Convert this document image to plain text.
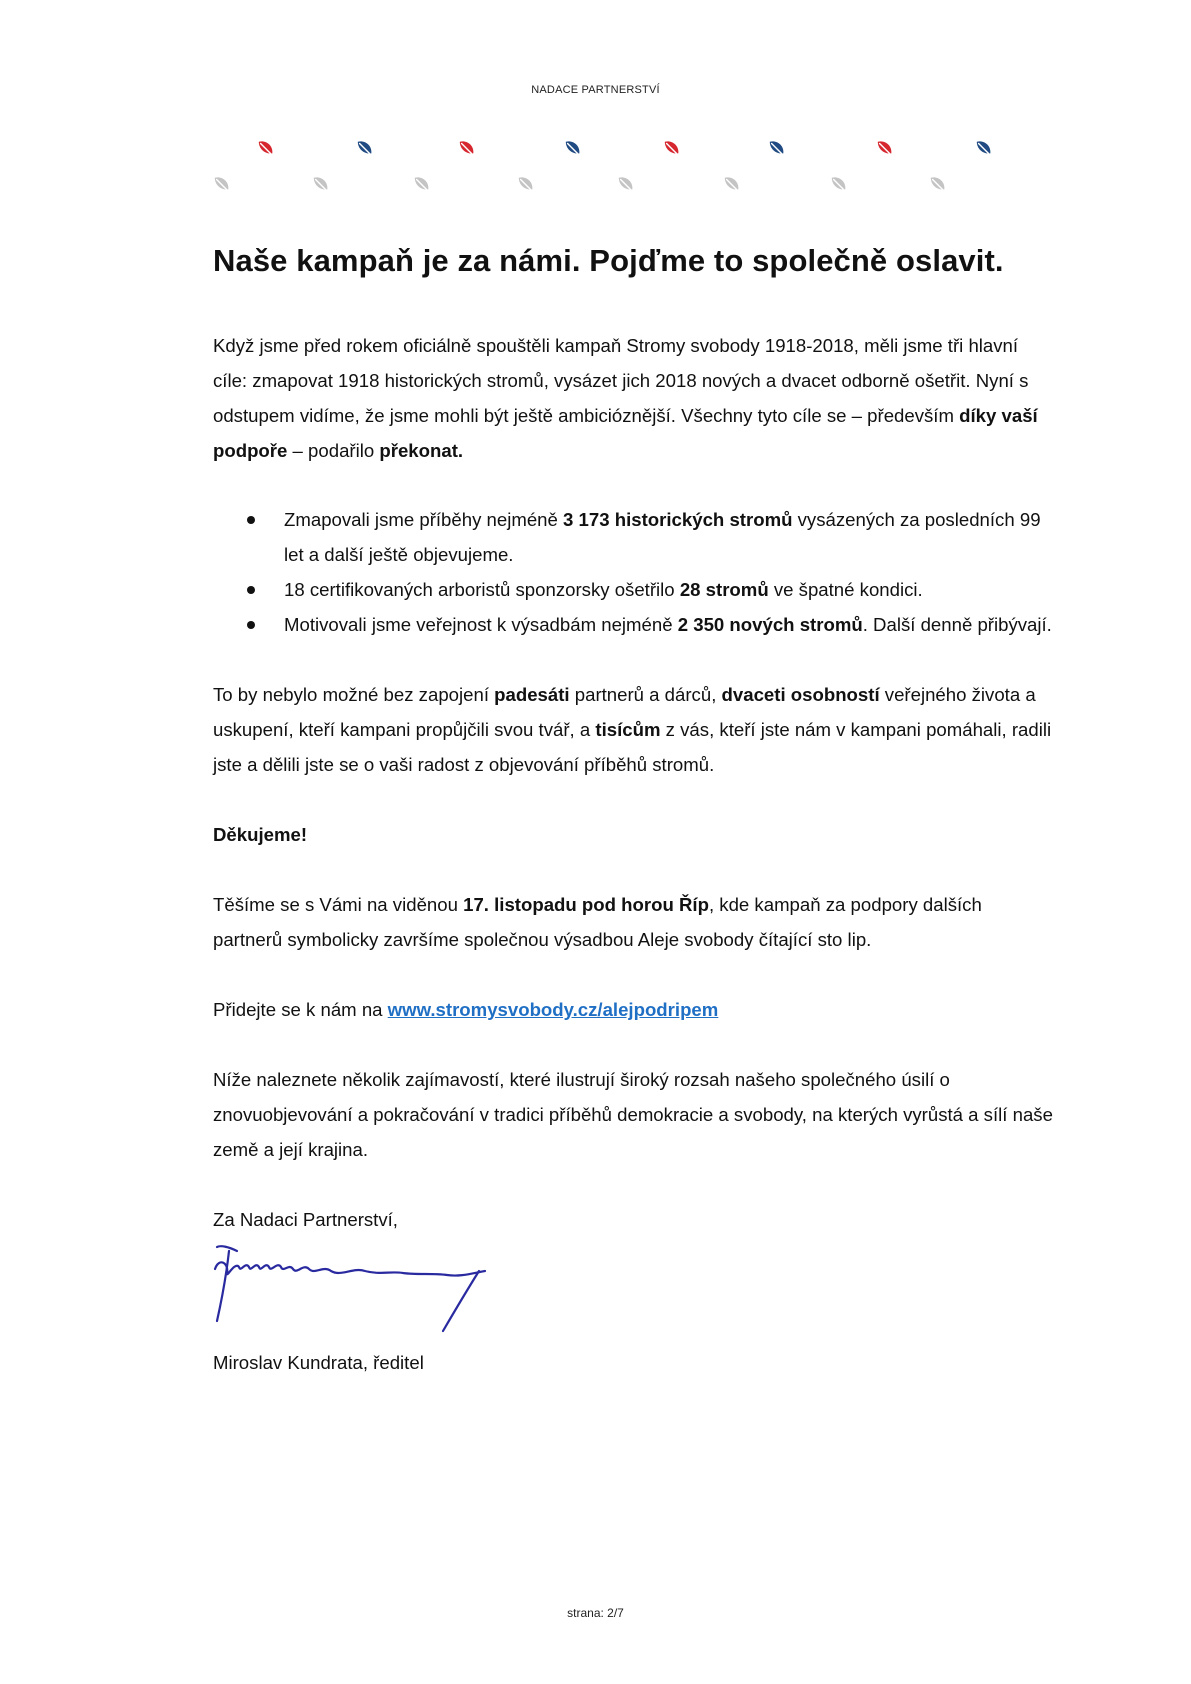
NADACE PARTNERSTVÍ
Naše kampaň je za námi. Pojďme to společně oslavit.

Když jsme před rokem oficiálně spouštěli kampaň Stromy svobody 1918-2018, měli jsme tři hlavní cíle: zmapovat 1918 historických stromů, vysázet jich 2018 nových a dvacet odborně ošetřit. Nyní s odstupem vidíme, že jsme mohli být ještě ambicióznější. Všechny tyto cíle se – především díky vaší podpoře – podařilo překonat.

Zmapovali jsme příběhy nejméně 3 173 historických stromů vysázených za posledních 99 let a další ještě objevujeme.
18 certifikovaných arboristů sponzorsky ošetřilo 28 stromů ve špatné kondici.
Motivovali jsme veřejnost k výsadbám nejméně 2 350 nových stromů. Další denně přibývají.

To by nebylo možné bez zapojení padesáti partnerů a dárců, dvaceti osobností veřejného života a uskupení, kteří kampani propůjčili svou tvář, a tisícům z vás, kteří jste nám v kampani pomáhali, radili jste a dělili jste se o vaši radost z objevování příběhů stromů.

Děkujeme!

Těšíme se s Vámi na viděnou 17. listopadu pod horou Říp, kde kampaň za podpory dalších partnerů symbolicky završíme společnou výsadbou Aleje svobody čítající sto lip.

Přidejte se k nám na www.stromysvobody.cz/alejpodripem

Níže naleznete několik zajímavostí, které ilustrují široký rozsah našeho společného úsilí o znovuobjevování a pokračování v tradici příběhů demokracie a svobody, na kterých vyrůstá a sílí naše země a její krajina.

Za Nadaci Partnerství,

Miroslav Kundrata, ředitel

strana: 2/7
